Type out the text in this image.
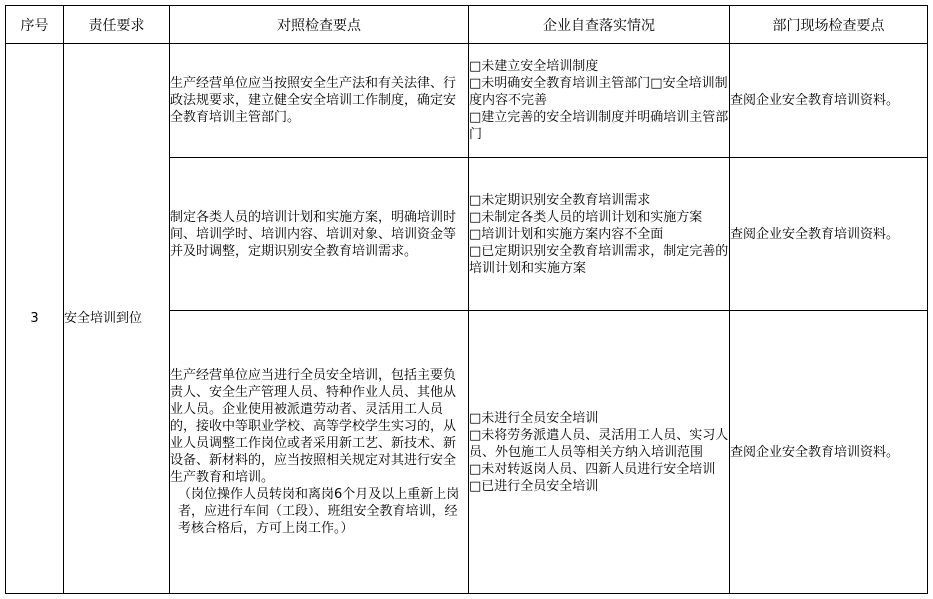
序号	责任要求	对照检查要点	企业自查落实情况	部门现场检查要点
3	安全培训到位	生产经营单位应当按照安全生产法和有关法律、行政法规要求，建立健全安全培训工作制度，确定安全教育培训主管部门。	□未建立安全培训制度
□未明确安全教育培训主管部门□安全培训制度内容不完善
□建立完善的安全培训制度并明确培训主管部门	查阅企业安全教育培训资料。
		制定各类人员的培训计划和实施方案，明确培训时间、培训学时、培训内容、培训对象、培训资金等并及时调整，定期识别安全教育培训需求。	□未定期识别安全教育培训需求
□未制定各类人员的培训计划和实施方案
□培训计划和实施方案内容不全面
□已定期识别安全教育培训需求，制定完善的培训计划和实施方案	查阅企业安全教育培训资料。

		生产经营单位应当进行全员安全培训，包括主要负责人、安全生产管理人员、特种作业人员、其他从业人员。企业使用被派遣劳动者、灵活用工人员的，接收中等职业学校、高等学校学生实习的，从业人员调整工作岗位或者采用新工艺、新技术、新设备、新材料的，应当按照相关规定对其进行安全生产教育和培训。
（岗位操作人员转岗和离岗6个月及以上重新上岗者，应进行车间（工段）、班组安全教育培训，经考核合格后，方可上岗工作。）	□未进行全员安全培训
□未将劳务派遣人员、灵活用工人员、实习人员、外包施工人员等相关方纳入培训范围
□未对转返岗人员、四新人员进行安全培训
□已进行全员安全培训	查阅企业安全教育培训资料。
